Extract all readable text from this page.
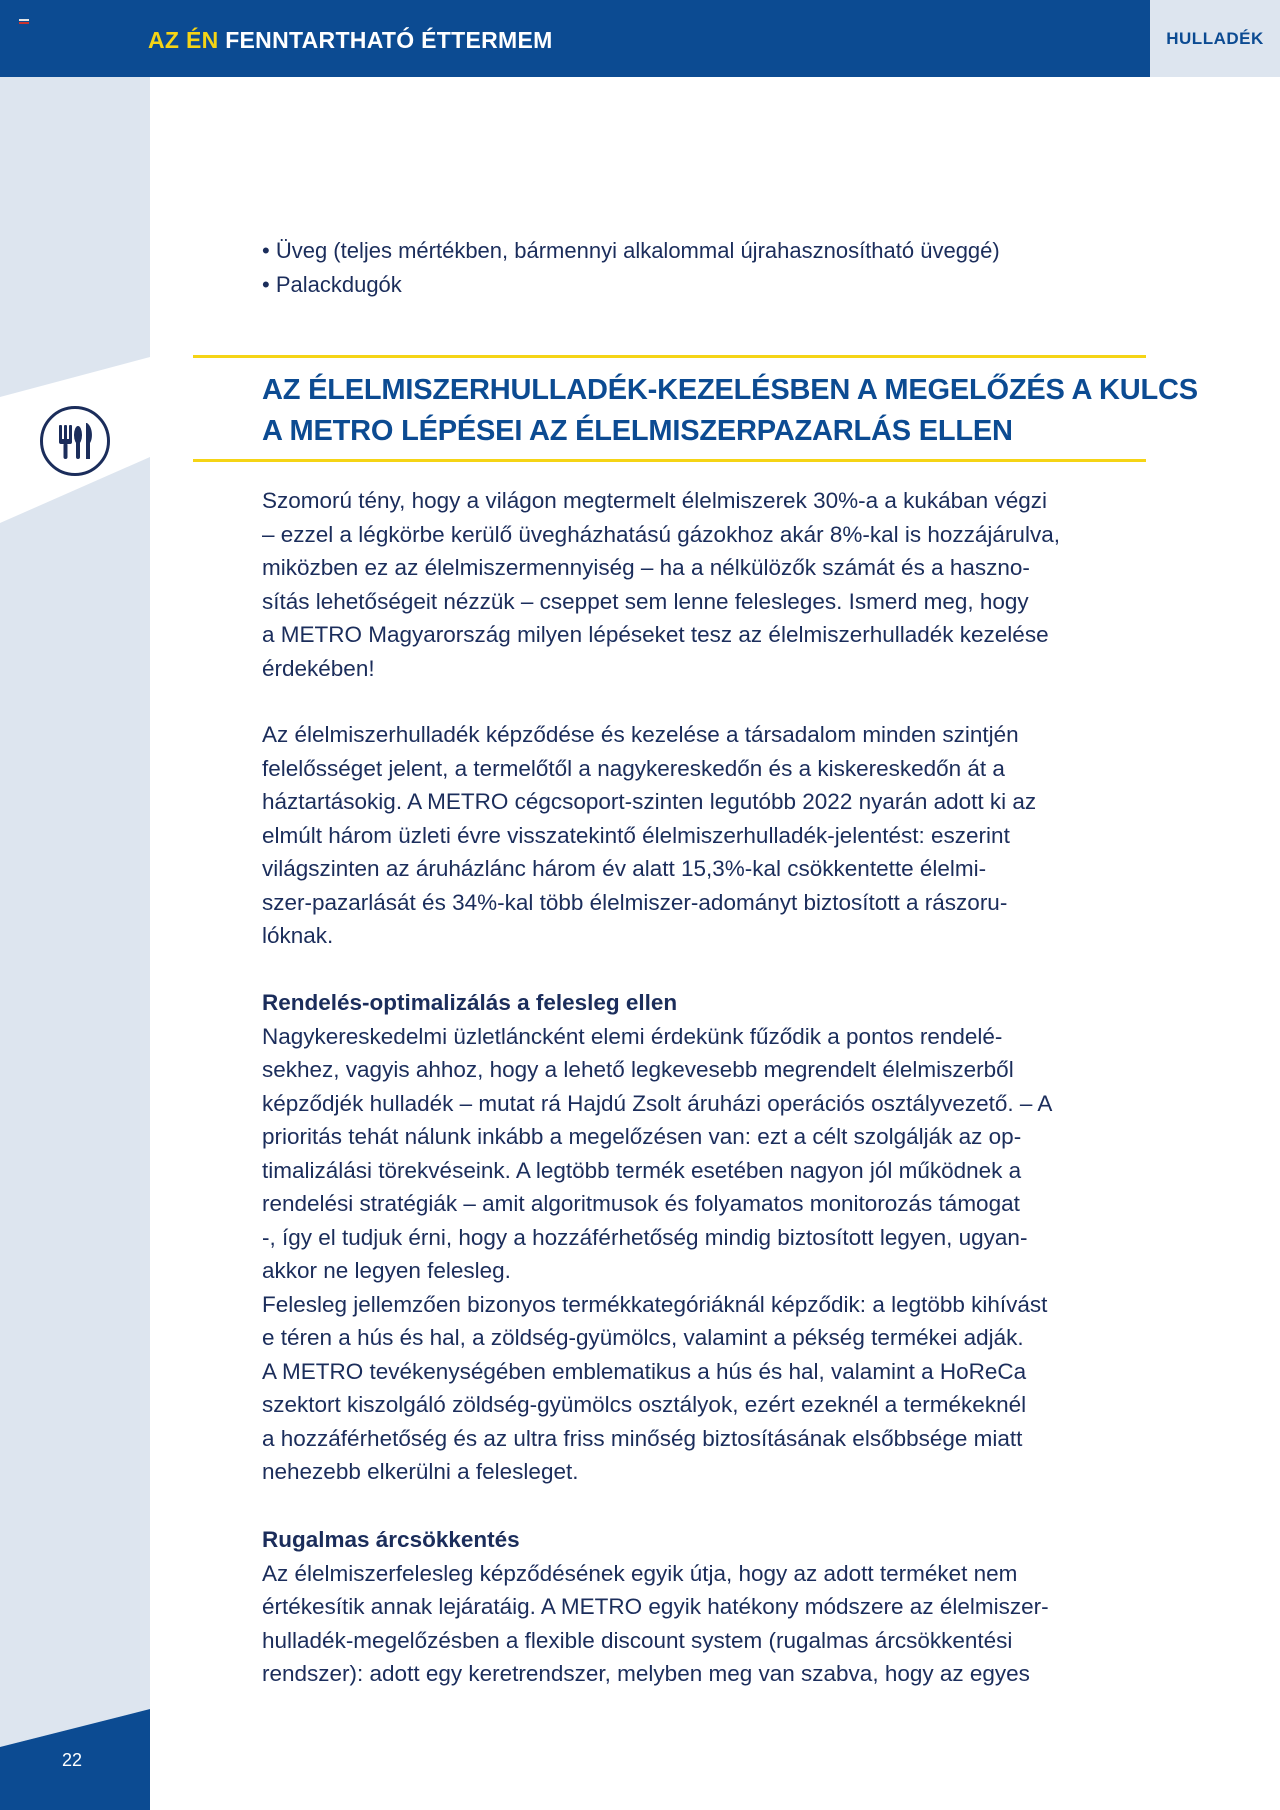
AZ ÉN FENNTARTHATÓ ÉTTERMEM	HULLADÉK
22
• Üveg (teljes mértékben, bármennyi alkalommal újrahasznosítható üveggé)
• Palackdugók
AZ ÉLELMISZERHULLADÉK-KEZELÉSBEN A MEGELŐZÉS A KULCS
A METRO LÉPÉSEI AZ ÉLELMISZERPAZARLÁS ELLEN
Szomorú tény, hogy a világon megtermelt élelmiszerek 30%-a a kukában végzi
– ezzel a légkörbe kerülő üvegházhatású gázokhoz akár 8%-kal is hozzájárulva,
miközben ez az élelmiszermennyiség – ha a nélkülözők számát és a haszno-
sítás lehetőségeit nézzük – cseppet sem lenne felesleges. Ismerd meg, hogy
a METRO Magyarország milyen lépéseket tesz az élelmiszerhulladék kezelése
érdekében!
Az élelmiszerhulladék képződése és kezelése a társadalom minden szintjén
felelősséget jelent, a termelőtől a nagykereskedőn és a kiskereskedőn át a
háztartásokig. A METRO cégcsoport-szinten legutóbb 2022 nyarán adott ki az
elmúlt három üzleti évre visszatekintő élelmiszerhulladék-jelentést: eszerint
világszinten az áruházlánc három év alatt 15,3%-kal csökkentette élelmi-
szer-pazarlását és 34%-kal több élelmiszer-adományt biztosított a rászoru-
lóknak.
Rendelés-optimalizálás a felesleg ellen
Nagykereskedelmi üzletláncként elemi érdekünk fűződik a pontos rendelé-
sekhez, vagyis ahhoz, hogy a lehető legkevesebb megrendelt élelmiszerből
képződjék hulladék – mutat rá Hajdú Zsolt áruházi operációs osztályvezető. – A
prioritás tehát nálunk inkább a megelőzésen van: ezt a célt szolgálják az op-
timalizálási törekvéseink. A legtöbb termék esetében nagyon jól működnek a
rendelési stratégiák – amit algoritmusok és folyamatos monitorozás támogat
-, így el tudjuk érni, hogy a hozzáférhetőség mindig biztosított legyen, ugyan-
akkor ne legyen felesleg.
Felesleg jellemzően bizonyos termékkategóriáknál képződik: a legtöbb kihívást
e téren a hús és hal, a zöldség-gyümölcs, valamint a pékség termékei adják.
A METRO tevékenységében emblematikus a hús és hal, valamint a HoReCa
szektort kiszolgáló zöldség-gyümölcs osztályok, ezért ezeknél a termékeknél
a hozzáférhetőség és az ultra friss minőség biztosításának elsőbbsége miatt
nehezebb elkerülni a felesleget.
Rugalmas árcsökkentés
Az élelmiszerfelesleg képződésének egyik útja, hogy az adott terméket nem
értékesítik annak lejáratáig. A METRO egyik hatékony módszere az élelmiszer-
hulladék-megelőzésben a flexible discount system (rugalmas árcsökkentési
rendszer): adott egy keretrendszer, melyben meg van szabva, hogy az egyes
